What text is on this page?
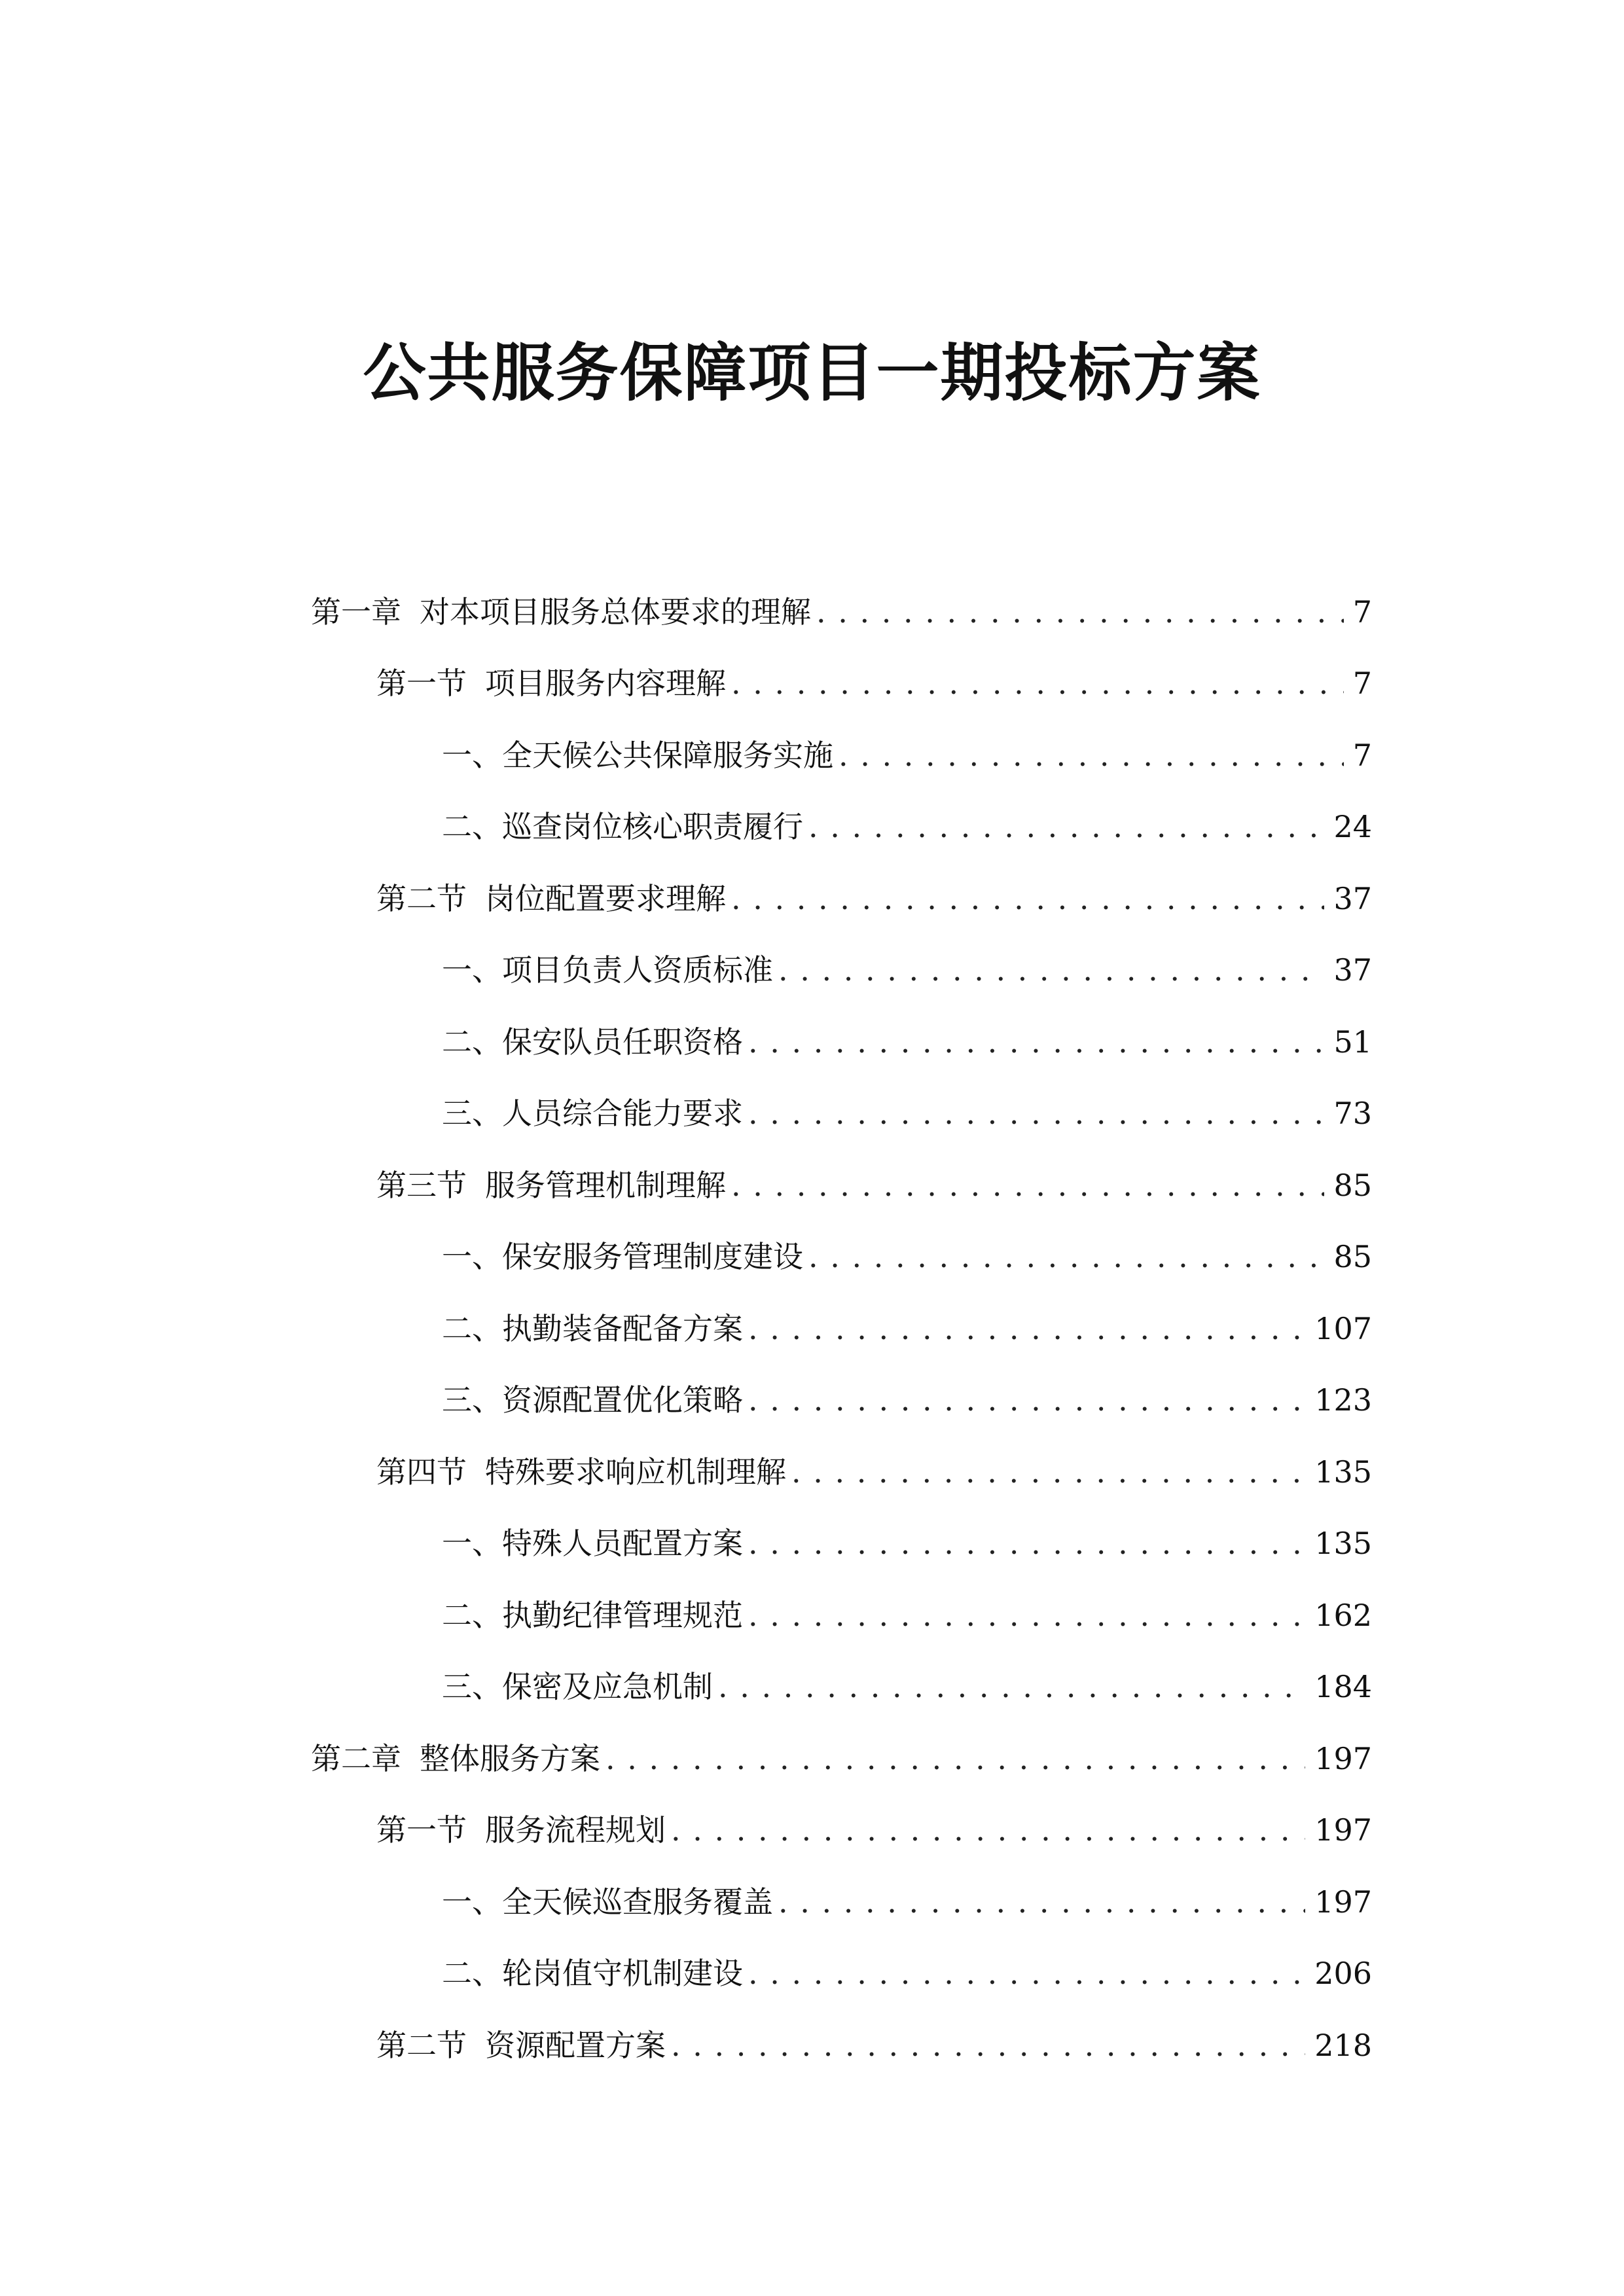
公共服务保障项目一期投标方案
第一章 对本项目服务总体要求的理解 . . .	7
第一节 项目服务内容理解 . . .	7
一、 全天候公共保障服务实施 . . .	7
二、 巡查岗位核心职责履行 . . .	24
第二节 岗位配置要求理解 . . .	37
一、 项目负责人资质标准 . . .	37
二、 保安队员任职资格 . . .	51
三、 人员综合能力要求 . . .	73
第三节 服务管理机制理解 . . .	85
一、 保安服务管理制度建设 . . .	85
二、 执勤装备配备方案 . . .	107
三、 资源配置优化策略 . . .	123
第四节 特殊要求响应机制理解 . . .	135
一、 特殊人员配置方案 . . .	135
二、 执勤纪律管理规范 . . .	162
三、 保密及应急机制 . . .	184
第二章 整体服务方案 . . .	197
第一节 服务流程规划 . . .	197
一、 全天候巡查服务覆盖 . . .	197
二、 轮岗值守机制建设 . . .	206
第二节 资源配置方案 . . .	218
